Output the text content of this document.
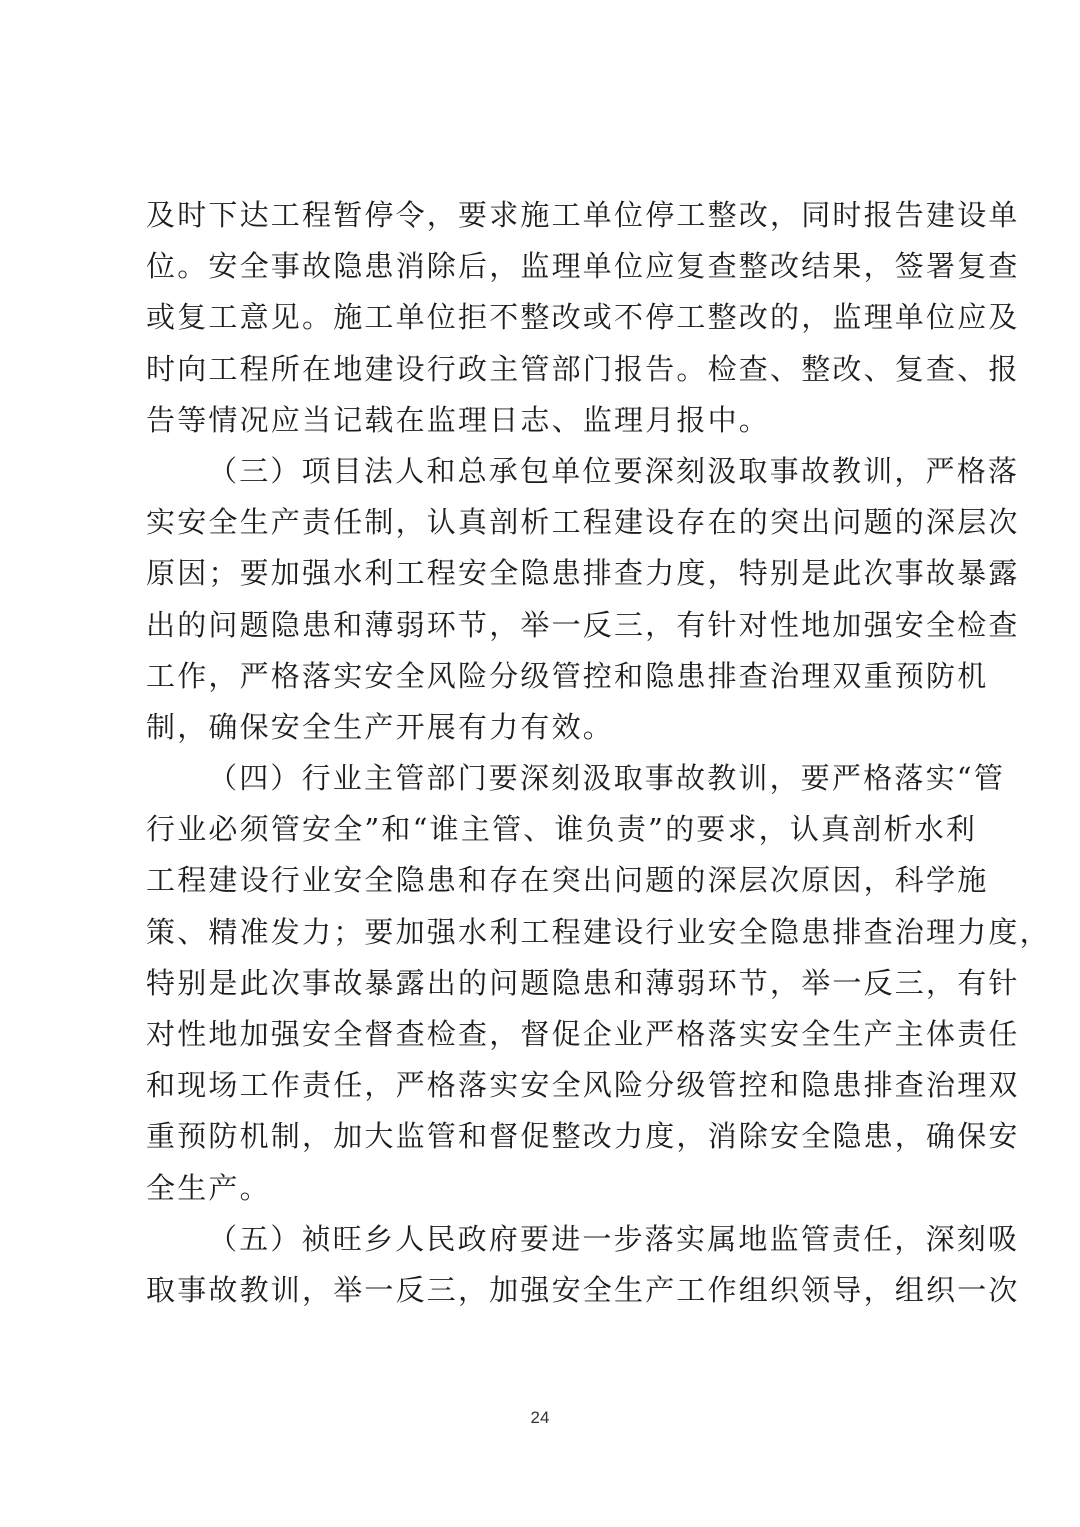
及时下达工程暂停令，要求施工单位停工整改，同时报告建设单
位。安全事故隐患消除后，监理单位应复查整改结果，签署复查
或复工意见。施工单位拒不整改或不停工整改的，监理单位应及
时向工程所在地建设行政主管部门报告。检查、整改、复查、报
告等情况应当记载在监理日志、监理月报中。
（三）项目法人和总承包单位要深刻汲取事故教训，严格落
实安全生产责任制，认真剖析工程建设存在的突出问题的深层次
原因；要加强水利工程安全隐患排查力度，特别是此次事故暴露
出的问题隐患和薄弱环节，举一反三，有针对性地加强安全检查
工作，严格落实安全风险分级管控和隐患排查治理双重预防机
制，确保安全生产开展有力有效。
（四）行业主管部门要深刻汲取事故教训，要严格落实“管
行业必须管安全”和“谁主管、谁负责”的要求，认真剖析水利
工程建设行业安全隐患和存在突出问题的深层次原因，科学施
策、精准发力；要加强水利工程建设行业安全隐患排查治理力度，
特别是此次事故暴露出的问题隐患和薄弱环节，举一反三，有针
对性地加强安全督查检查，督促企业严格落实安全生产主体责任
和现场工作责任，严格落实安全风险分级管控和隐患排查治理双
重预防机制，加大监管和督促整改力度，消除安全隐患，确保安
全生产。
（五）祯旺乡人民政府要进一步落实属地监管责任，深刻吸
取事故教训，举一反三，加强安全生产工作组织领导，组织一次
24
